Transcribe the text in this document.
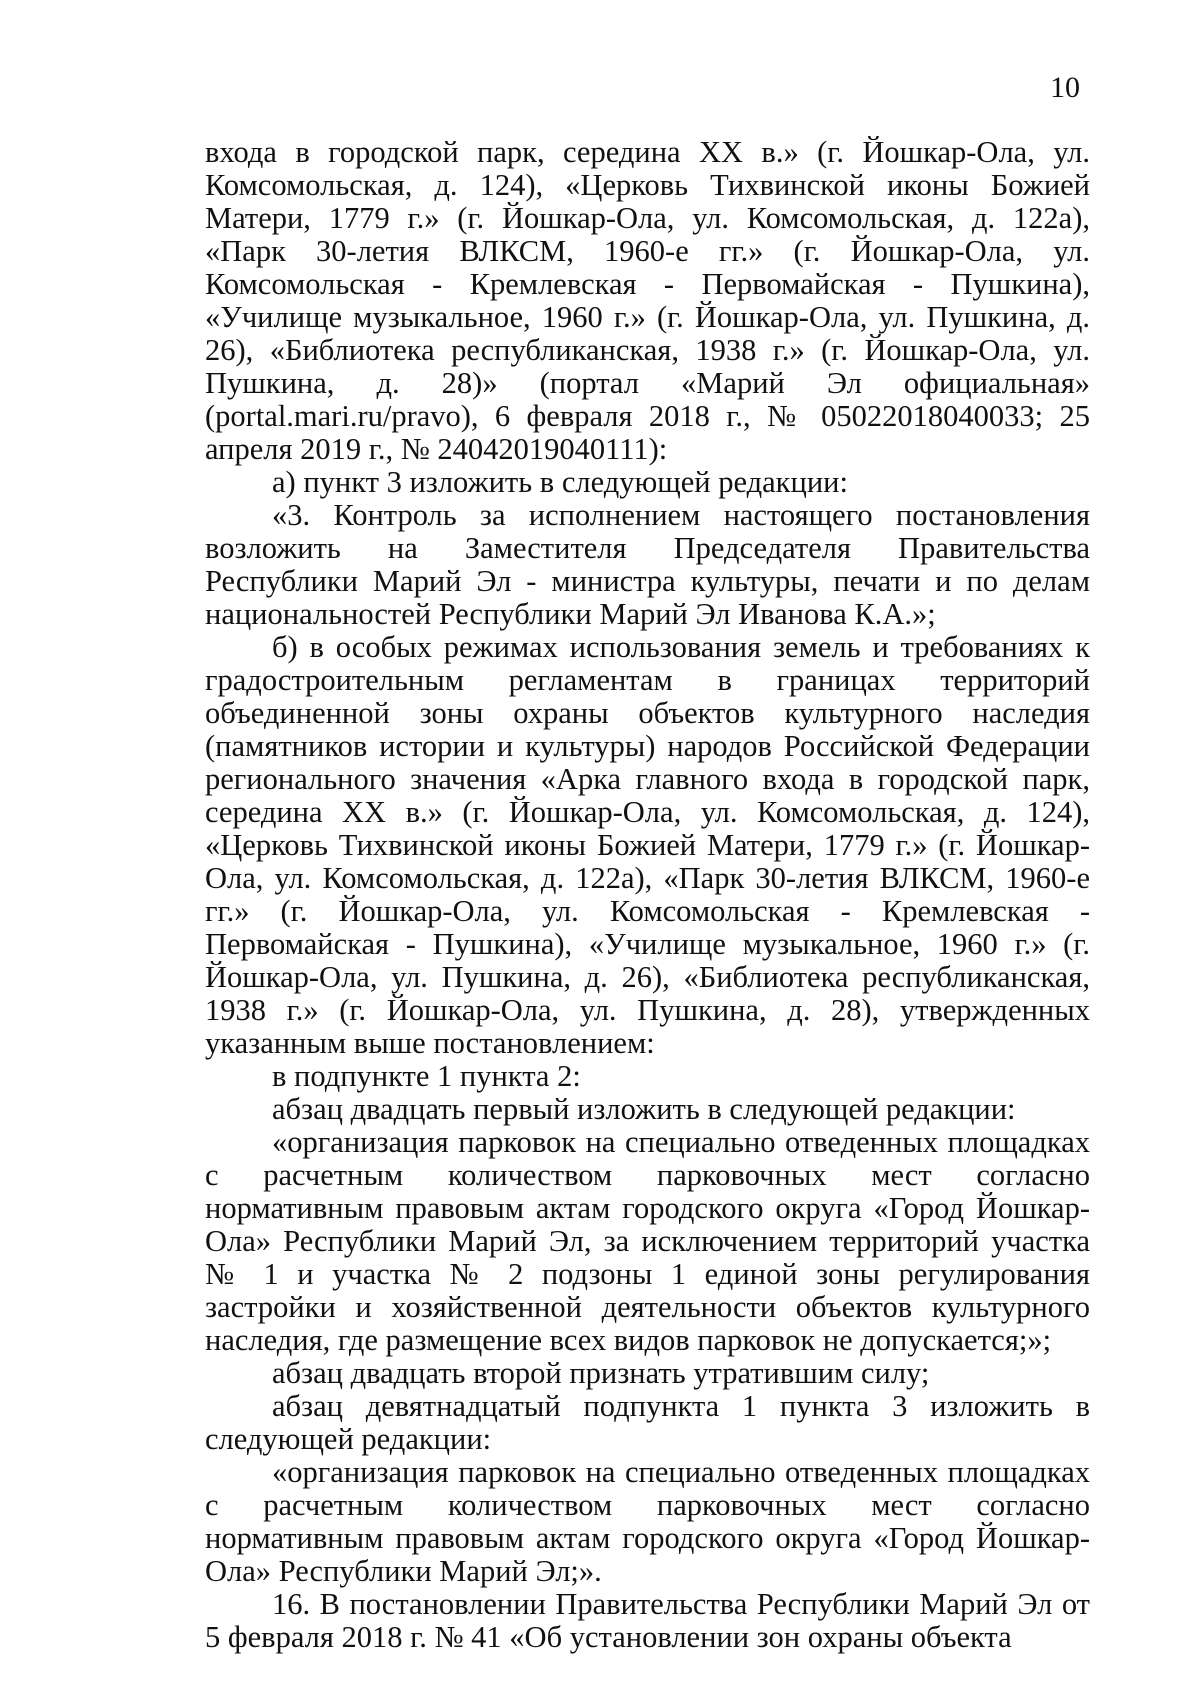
10

входа в городской парк, середина XX в.» (г. Йошкар-Ола, ул. Комсомольская, д. 124), «Церковь Тихвинской иконы Божией Матери, 1779 г.» (г. Йошкар-Ола, ул. Комсомольская, д. 122а), «Парк 30-летия ВЛКСМ, 1960-е гг.» (г. Йошкар-Ола, ул. Комсомольская - Кремлевская - Первомайская - Пушкина), «Училище музыкальное, 1960 г.» (г. Йошкар-Ола, ул. Пушкина, д. 26), «Библиотека республиканская, 1938 г.» (г. Йошкар-Ола, ул. Пушкина, д. 28)» (портал «Марий Эл официальная» (portal.mari.ru/pravo), 6 февраля 2018 г., № 05022018040033; 25 апреля 2019 г., № 24042019040111):

а) пункт 3 изложить в следующей редакции:

«3. Контроль за исполнением настоящего постановления возложить на Заместителя Председателя Правительства Республики Марий Эл - министра культуры, печати и по делам национальностей Республики Марий Эл Иванова К.А.»;

б) в особых режимах использования земель и требованиях к градостроительным регламентам в границах территорий объединенной зоны охраны объектов культурного наследия (памятников истории и культуры) народов Российской Федерации регионального значения «Арка главного входа в городской парк, середина XX в.» (г. Йошкар-Ола, ул. Комсомольская, д. 124), «Церковь Тихвинской иконы Божией Матери, 1779 г.» (г. Йошкар-Ола, ул. Комсомольская, д. 122а), «Парк 30-летия ВЛКСМ, 1960-е гг.» (г. Йошкар-Ола, ул. Комсомольская - Кремлевская - Первомайская - Пушкина), «Училище музыкальное, 1960 г.» (г. Йошкар-Ола, ул. Пушкина, д. 26), «Библиотека республиканская, 1938 г.» (г. Йошкар-Ола, ул. Пушкина, д. 28), утвержденных указанным выше постановлением:

в подпункте 1 пункта 2:

абзац двадцать первый изложить в следующей редакции:

«организация парковок на специально отведенных площадках с расчетным количеством парковочных мест согласно нормативным правовым актам городского округа «Город Йошкар-Ола» Республики Марий Эл, за исключением территорий участка № 1 и участка № 2 подзоны 1 единой зоны регулирования застройки и хозяйственной деятельности объектов культурного наследия, где размещение всех видов парковок не допускается;»;

абзац двадцать второй признать утратившим силу;

абзац девятнадцатый подпункта 1 пункта 3 изложить в следующей редакции:

«организация парковок на специально отведенных площадках с расчетным количеством парковочных мест согласно нормативным правовым актам городского округа «Город Йошкар-Ола» Республики Марий Эл;».

16. В постановлении Правительства Республики Марий Эл от 5 февраля 2018 г. № 41 «Об установлении зон охраны объекта
